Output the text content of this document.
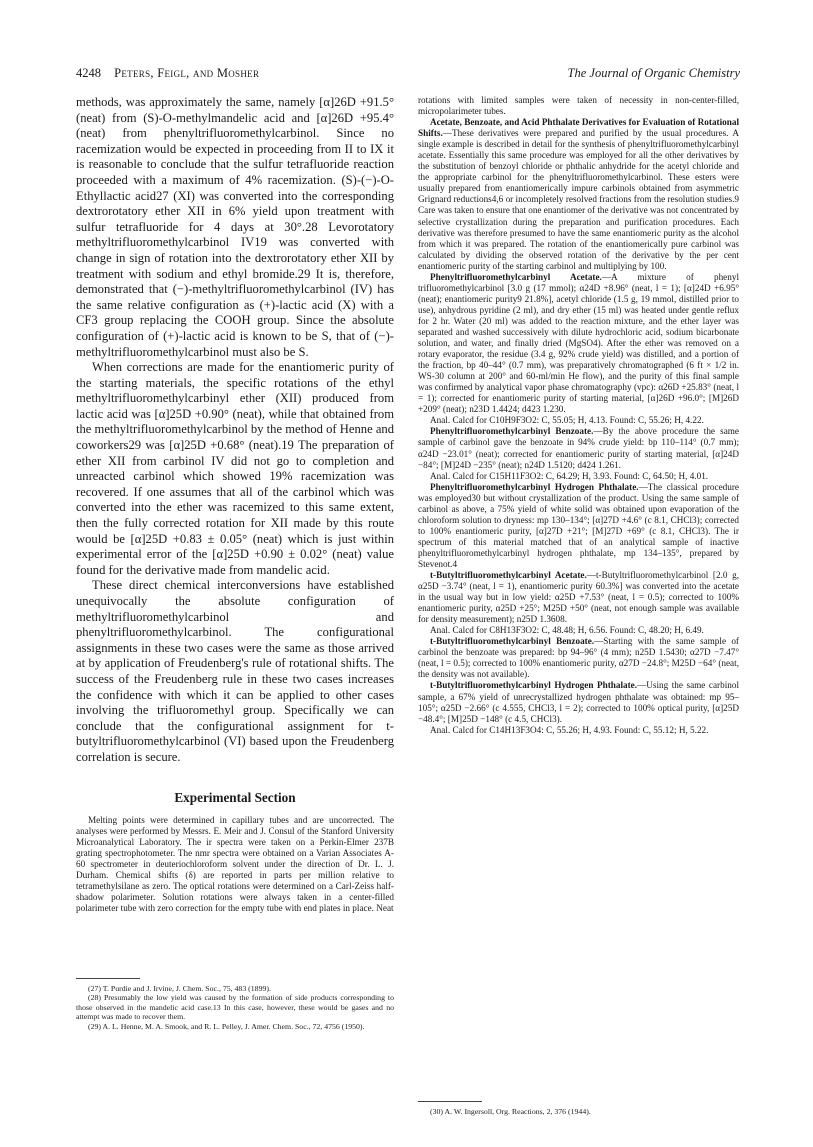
4248 Peters, Feigl, and Mosher	The Journal of Organic Chemistry

methods, was approximately the same, namely [α]26D +91.5° (neat) from (S)-O-methylmandelic acid and [α]26D +95.4° (neat) from phenyltrifluoromethylcarbinol. Since no racemization would be expected in proceeding from II to IX it is reasonable to conclude that the sulfur tetrafluoride reaction proceeded with a maximum of 4% racemization. (S)-(−)-O-Ethyllactic acid27 (XI) was converted into the corresponding dextrorotatory ether XII in 6% yield upon treatment with sulfur tetrafluoride for 4 days at 30°.28 Levorotatory methyltrifluoromethylcarbinol IV19 was converted with change in sign of rotation into the dextrorotatory ether XII by treatment with sodium and ethyl bromide.29 It is, therefore, demonstrated that (−)-methyltrifluoromethylcarbinol (IV) has the same relative configuration as (+)-lactic acid (X) with a CF3 group replacing the COOH group. Since the absolute configuration of (+)-lactic acid is known to be S, that of (−)-methyltrifluoromethylcarbinol must also be S.

When corrections are made for the enantiomeric purity of the starting materials, the specific rotations of the ethyl methyltrifluoromethylcarbinyl ether (XII) produced from lactic acid was [α]25D +0.90° (neat), while that obtained from the methyltrifluoromethylcarbinol by the method of Henne and coworkers29 was [α]25D +0.68° (neat).19 The preparation of ether XII from carbinol IV did not go to completion and unreacted carbinol which showed 19% racemization was recovered. If one assumes that all of the carbinol which was converted into the ether was racemized to this same extent, then the fully corrected rotation for XII made by this route would be [α]25D +0.83 ± 0.05° (neat) which is just within experimental error of the [α]25D +0.90 ± 0.02° (neat) value found for the derivative made from mandelic acid.

These direct chemical interconversions have established unequivocally the absolute configuration of methyltrifluoromethylcarbinol and phenyltrifluoromethylcarbinol. The configurational assignments in these two cases were the same as those arrived at by application of Freudenberg's rule of rotational shifts. The success of the Freudenberg rule in these two cases increases the confidence with which it can be applied to other cases involving the trifluoromethyl group. Specifically we can conclude that the configurational assignment for t-butyltrifluoromethylcarbinol (VI) based upon the Freudenberg correlation is secure.

Experimental Section

Melting points were determined in capillary tubes and are uncorrected. The analyses were performed by Messrs. E. Meir and J. Consul of the Stanford University Microanalytical Laboratory. The ir spectra were taken on a Perkin-Elmer 237B grating spectrophotometer. The nmr spectra were obtained on a Varian Associates A-60 spectrometer in deuteriochloroform solvent under the direction of Dr. L. J. Durham. Chemical shifts (δ) are reported in parts per million relative to tetramethylsilane as zero. The optical rotations were determined on a Carl-Zeiss half-shadow polarimeter. Solution rotations were always taken in a center-filled polarimeter tube with zero correction for the empty tube with end plates in place. Neat

(27) T. Purdie and J. Irvine, J. Chem. Soc., 75, 483 (1899).

(28) Presumably the low yield was caused by the formation of side products corresponding to those observed in the mandelic acid case.13 In this case, however, these would be gases and no attempt was made to recover them.

(29) A. L. Henne, M. A. Smook, and R. L. Pelley, J. Amer. Chem. Soc., 72, 4756 (1950).

rotations with limited samples were taken of necessity in non-center-filled, micropolarimeter tubes.

Acetate, Benzoate, and Acid Phthalate Derivatives for Evaluation of Rotational Shifts.—These derivatives were prepared and purified by the usual procedures. A single example is described in detail for the synthesis of phenyltrifluoromethylcarbinyl acetate. Essentially this same procedure was employed for all the other derivatives by the substitution of benzoyl chloride or phthalic anhydride for the acetyl chloride and the appropriate carbinol for the phenyltrifluoromethylcarbinol. These esters were usually prepared from enantiomerically impure carbinols obtained from asymmetric Grignard reductions4,6 or incompletely resolved fractions from the resolution studies.9 Care was taken to ensure that one enantiomer of the derivative was not concentrated by selective crystallization during the preparation and purification procedures. Each derivative was therefore presumed to have the same enantiomeric purity as the alcohol from which it was prepared. The rotation of the enantiomerically pure carbinol was calculated by dividing the observed rotation of the derivative by the per cent enantiomeric purity of the starting carbinol and multiplying by 100.

Phenyltrifluoromethylcarbinyl Acetate.—A mixture of phenyl trifluoromethylcarbinol [3.0 g (17 mmol); α24D +8.96° (neat, l = 1); [α]24D +6.95° (neat); enantiomeric purity9 21.8%], acetyl chloride (1.5 g, 19 mmol, distilled prior to use), anhydrous pyridine (2 ml), and dry ether (15 ml) was heated under gentle reflux for 2 hr. Water (20 ml) was added to the reaction mixture, and the ether layer was separated and washed successively with dilute hydrochloric acid, sodium bicarbonate solution, and water, and finally dried (MgSO4). After the ether was removed on a rotary evaporator, the residue (3.4 g, 92% crude yield) was distilled, and a portion of the fraction, bp 40–44° (0.7 mm), was preparatively chromatographed (6 ft × 1/2 in. WS-30 column at 200° and 60-ml/min He flow), and the purity of this final sample was confirmed by analytical vapor phase chromatography (vpc): α26D +25.83° (neat, l = 1); corrected for enantiomeric purity of starting material, [α]26D +96.0°; [M]26D +209° (neat); n23D 1.4424; d423 1.230.

Anal. Calcd for C10H9F3O2: C, 55.05; H, 4.13. Found: C, 55.26; H, 4.22.

Phenyltrifluoromethylcarbinyl Benzoate.—By the above procedure the same sample of carbinol gave the benzoate in 94% crude yield: bp 110–114° (0.7 mm); α24D −23.01° (neat); corrected for enantiomeric purity of starting material, [α]24D −84°; [M]24D −235° (neat); n24D 1.5120; d424 1.261.

Anal. Calcd for C15H11F3O2: C, 64.29; H, 3.93. Found: C, 64.50; H, 4.01.

Phenyltrifluoromethylcarbinyl Hydrogen Phthalate.—The classical procedure was employed30 but without crystallization of the product. Using the same sample of carbinol as above, a 75% yield of white solid was obtained upon evaporation of the chloroform solution to dryness: mp 130–134°; [α]27D +4.6° (c 8.1, CHCl3); corrected to 100% enantiomeric purity, [α]27D +21°; [M]27D +69° (c 8.1, CHCl3). The ir spectrum of this material matched that of an analytical sample of inactive phenyltrifluoromethylcarbinyl hydrogen phthalate, mp 134–135°, prepared by Stevenot.4

t-Butyltrifluoromethylcarbinyl Acetate.—t-Butyltrifluoromethylcarbinol [2.0 g, α25D −3.74° (neat, l = 1), enantiomeric purity 60.3%] was converted into the acetate in the usual way but in low yield: α25D +7.53° (neat, l = 0.5); corrected to 100% enantiomeric purity, α25D +25°; M25D +50° (neat, not enough sample was available for density measurement); n25D 1.3608.

Anal. Calcd for C8H13F3O2: C, 48.48; H, 6.56. Found: C, 48.20; H, 6.49.

t-Butyltrifluoromethylcarbinyl Benzoate.—Starting with the same sample of carbinol the benzoate was prepared: bp 94–96° (4 mm); n25D 1.5430; α27D −7.47° (neat, l = 0.5); corrected to 100% enantiomeric purity, α27D −24.8°; M25D −64° (neat, the density was not available).

t-Butyltrifluoromethylcarbinyl Hydrogen Phthalate.—Using the same carbinol sample, a 67% yield of unrecrystallized hydrogen phthalate was obtained: mp 95–105°; α25D −2.66° (c 4.555, CHCl3, l = 2); corrected to 100% optical purity, [α]25D −48.4°; [M]25D −148° (c 4.5, CHCl3).

Anal. Calcd for C14H13F3O4: C, 55.26; H, 4.93. Found: C, 55.12; H, 5.22.

(30) A. W. Ingersoll, Org. Reactions, 2, 376 (1944).
